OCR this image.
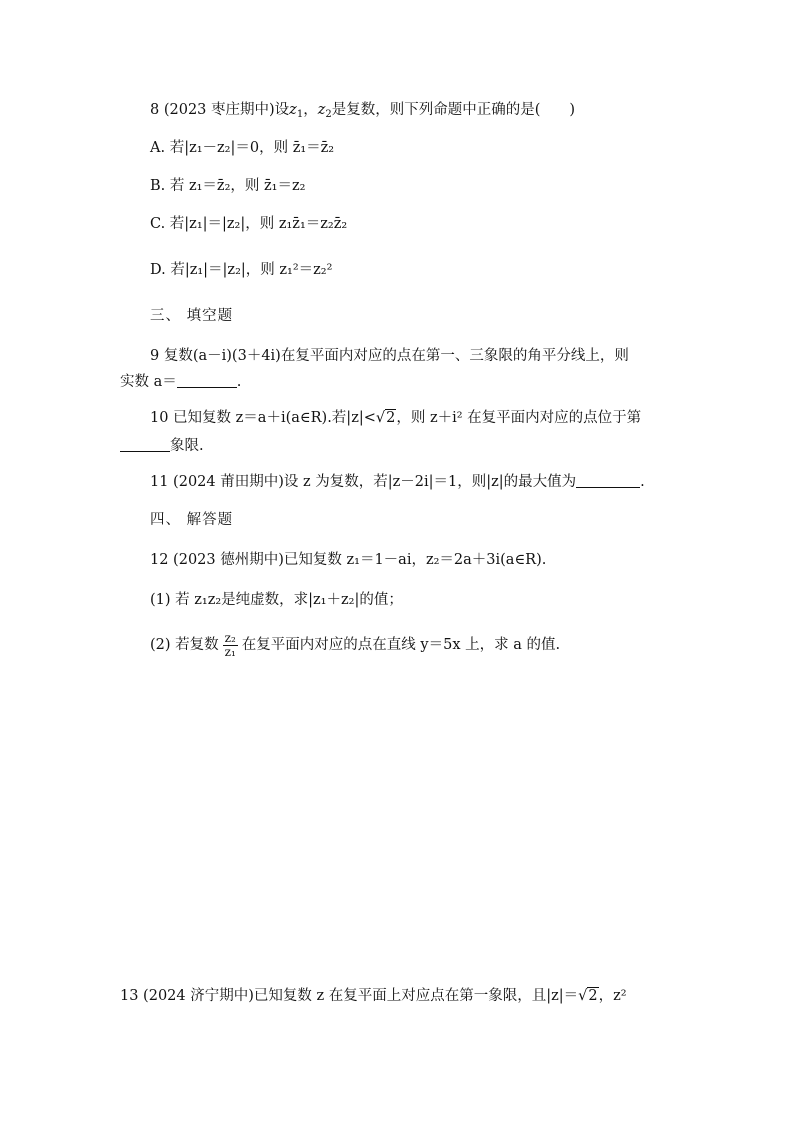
8 (2023 枣庄期中)设$z_1$，$z_2$是复数，则下列命题中正确的是(　　)
A. 若|z₁－z₂|＝0，则 z̄₁＝z̄₂
B. 若 z₁＝z̄₂，则 z̄₁＝z₂
C. 若|z₁|＝|z₂|，则 z₁z̄₁＝z₂z̄₂
D. 若|z₁|＝|z₂|，则 z₁²＝z₂²
三、 填空题
9 复数(a－i)(3＋4i)在复平面内对应的点在第一、三象限的角平分线上，则
实数 a＝	.
10 已知复数 z＝a＋i(a∈R).若|z|<√2，则 z＋i² 在复平面内对应的点位于第
象限.
11 (2024 莆田期中)设 z 为复数，若|z－2i|＝1，则|z|的最大值为	.
四、 解答题
12 (2023 德州期中)已知复数 z₁＝1－ai，z₂＝2a＋3i(a∈R).
(1) 若 z₁z₂是纯虚数，求|z₁＋z₂|的值；
(2) 若复数 $\frac{\text{z₂}}{\text{z₁}}$ 在复平面内对应的点在直线 y＝5x 上，求 a 的值.
13 (2024 济宁期中)已知复数 z 在复平面上对应点在第一象限，且|z|＝√2，z²
